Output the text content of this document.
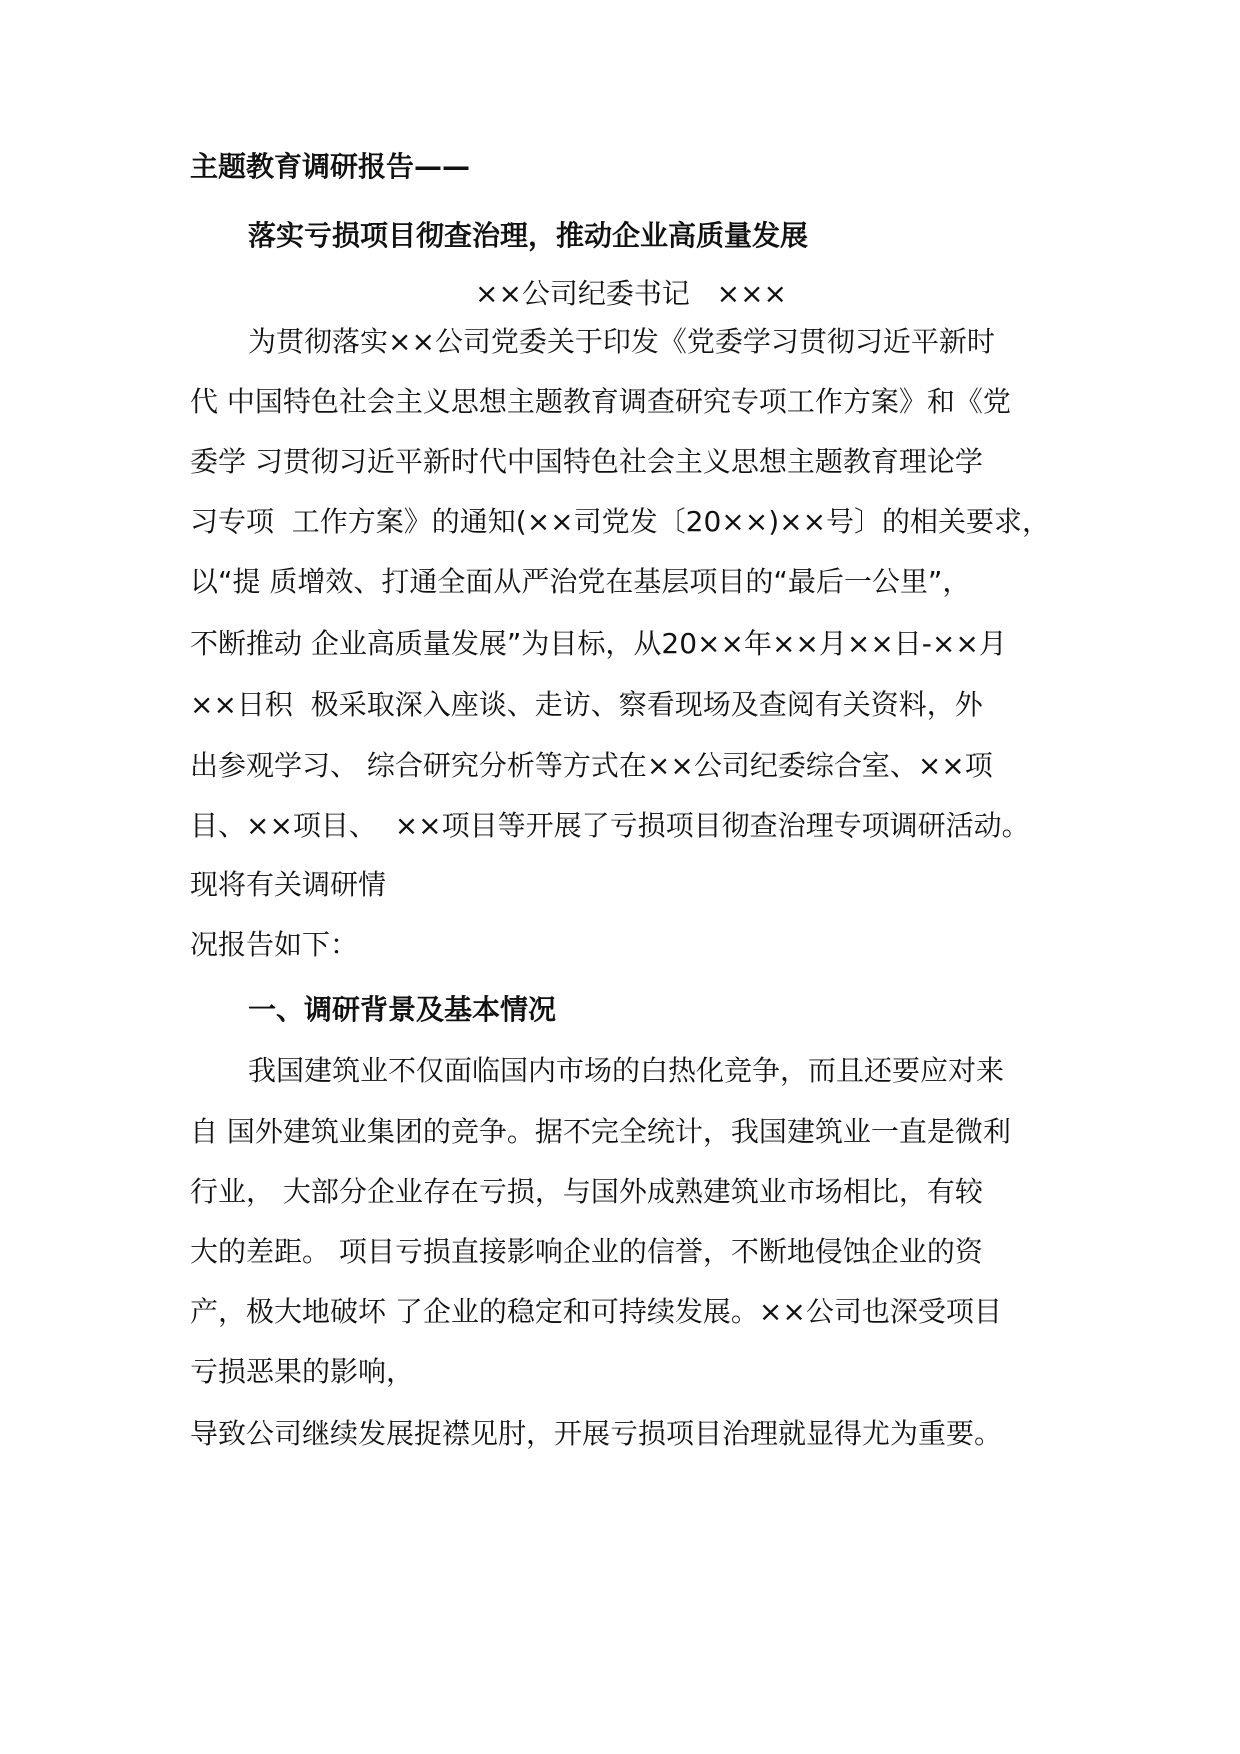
主题教育调研报告——
落实亏损项目彻查治理，推动企业高质量发展
××公司纪委书记   ×××
为贯彻落实××公司党委关于印发《党委学习贯彻习近平新时
代 中国特色社会主义思想主题教育调查研究专项工作方案》和《党
委学 习贯彻习近平新时代中国特色社会主义思想主题教育理论学
习专项  工作方案》的通知(××司党发〔20××)××号〕的相关要求，
以“提 质增效、打通全面从严治党在基层项目的“最后一公里”，
不断推动 企业高质量发展”为目标，从20××年××月××日-××月
××日积  极采取深入座谈、走访、察看现场及查阅有关资料，外
出参观学习、 综合研究分析等方式在××公司纪委综合室、××项
目、××项目、  ××项目等开展了亏损项目彻查治理专项调研活动。
现将有关调研情
况报告如下：
一、调研背景及基本情况
我国建筑业不仅面临国内市场的白热化竞争，而且还要应对来
自 国外建筑业集团的竞争。据不完全统计，我国建筑业一直是微利
行业， 大部分企业存在亏损，与国外成熟建筑业市场相比，有较
大的差距。 项目亏损直接影响企业的信誉，不断地侵蚀企业的资
产，极大地破坏 了企业的稳定和可持续发展。××公司也深受项目
亏损恶果的影响，
导致公司继续发展捉襟见肘，开展亏损项目治理就显得尤为重要。
